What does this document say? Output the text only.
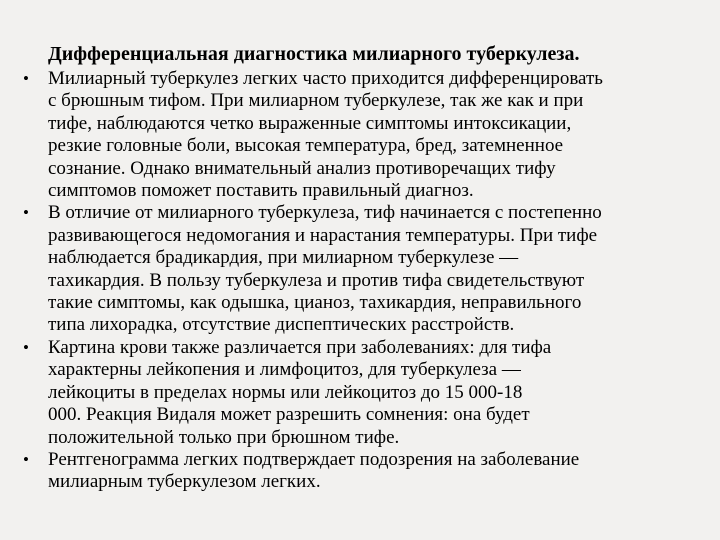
Дифференциальная диагностика милиарного туберкулеза.
• Милиарный туберкулез легких часто приходится дифференцировать
с брюшным тифом. При милиарном туберкулезе, так же как и при
тифе, наблюдаются четко выраженные симптомы интоксикации,
резкие головные боли, высокая температура, бред, затемненное
сознание. Однако внимательный анализ противоречащих тифу
симптомов поможет поставить правильный диагноз.
• В отличие от милиарного туберкулеза, тиф начинается с постепенно
развивающегося недомогания и нарастания температуры. При тифе
наблюдается брадикардия, при милиарном туберкулезе —
тахикардия. В пользу туберкулеза и против тифа свидетельствуют
такие симптомы, как одышка, цианоз, тахикардия, неправильного
типа лихорадка, отсутствие диспептических расстройств.
• Картина крови также различается при заболеваниях: для тифа
характерны лейкопения и лимфоцитоз, для туберкулеза —
лейкоциты в пределах нормы или лейкоцитоз до 15 000-18
000. Реакция Видаля может разрешить сомнения: она будет
положительной только при брюшном тифе.
• Рентгенограмма легких подтверждает подозрения на заболевание
милиарным туберкулезом легких.
